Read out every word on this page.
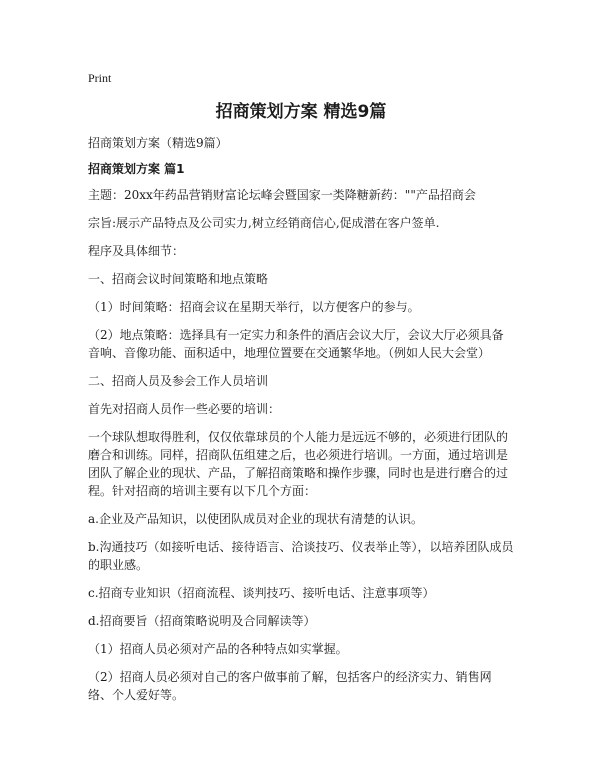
Print
招商策划方案 精选9篇
招商策划方案（精选9篇）
招商策划方案 篇1

主题：20xx年药品营销财富论坛峰会暨国家一类降糖新药：""产品招商会

宗旨:展示产品特点及公司实力,树立经销商信心,促成潜在客户签单.

程序及具体细节：

一、招商会议时间策略和地点策略

（1）时间策略：招商会议在星期天举行，以方便客户的参与。

（2）地点策略：选择具有一定实力和条件的酒店会议大厅，会议大厅必须具备音响、音像功能、面积适中，地理位置要在交通繁华地。（例如人民大会堂）

二、招商人员及参会工作人员培训

首先对招商人员作一些必要的培训：

一个球队想取得胜利，仅仅依靠球员的个人能力是远远不够的，必须进行团队的磨合和训练。同样，招商队伍组建之后，也必须进行培训。一方面，通过培训是团队了解企业的现状、产品，了解招商策略和操作步骤，同时也是进行磨合的过程。针对招商的培训主要有以下几个方面：

a.企业及产品知识，以使团队成员对企业的现状有清楚的认识。

b.沟通技巧（如接听电话、接待语言、洽谈技巧、仪表举止等），以培养团队成员的职业感。

c.招商专业知识（招商流程、谈判技巧、接听电话、注意事项等）

d.招商要旨（招商策略说明及合同解读等）

（1）招商人员必须对产品的各种特点如实掌握。

（2）招商人员必须对自己的客户做事前了解，包括客户的经济实力、销售网络、个人爱好等。
